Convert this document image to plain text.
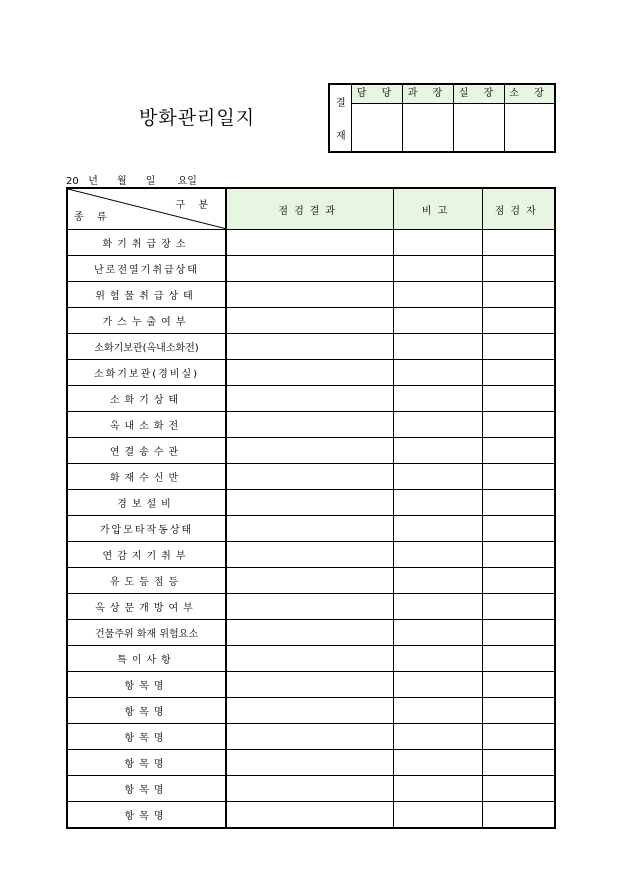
방화관리일지
결
재
담 당	과 장	실 장	소 장
20   년      월      일       요일
구 분
종 류	점검결과	비고	점검자
화기취급장소			
난로전열기취급상태			
위험물취급상태			
가스누출여부			
소화기보관(옥내소화전)			
소화기보관(경비실)			
소화기상태			
옥내소화전			
연결송수관			
화재수신반			
경보설비			
가압모타작동상태			
연감지기취부			
유도등점등			
옥상문개방여부			
건물주위 화재 위험요소			
특이사항			
항목명			
항목명			
항목명			
항목명			
항목명			
항목명			
